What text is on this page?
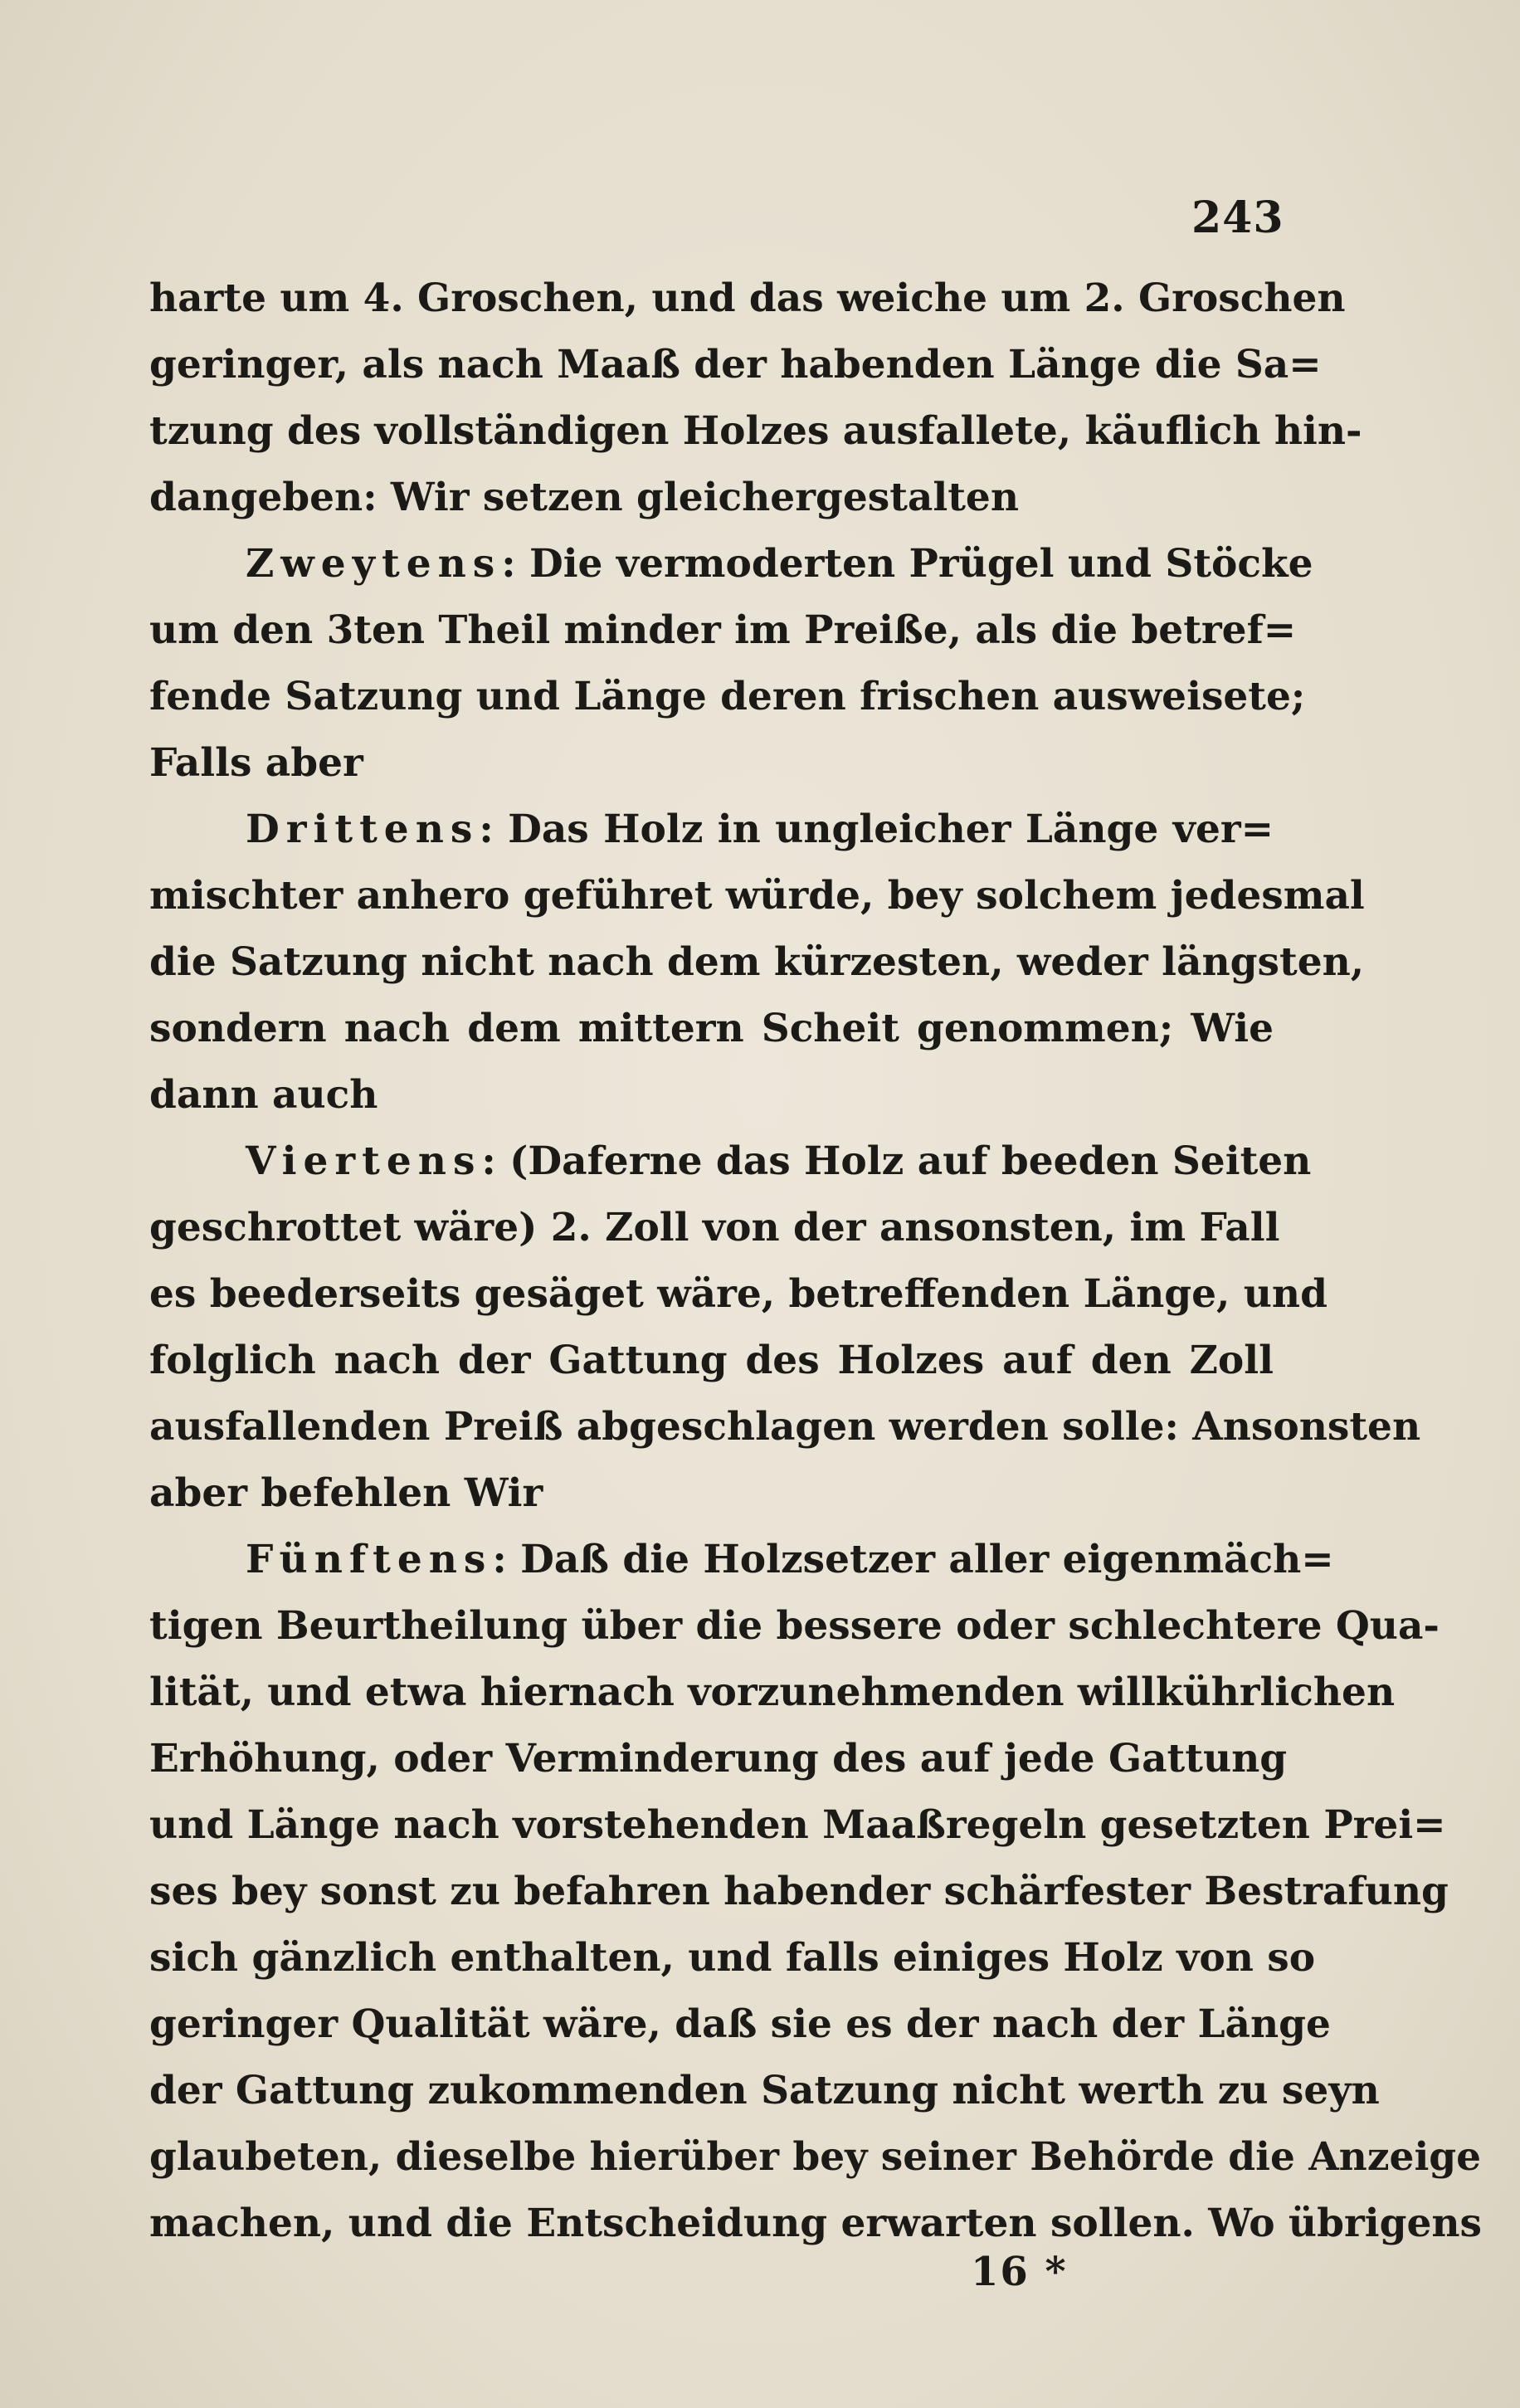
243
harte um 4. Groschen, und das weiche um 2. Groschen
geringer, als nach Maaß der habenden Länge die Sa=
tzung des vollständigen Holzes ausfallete, käuflich hin-
dangeben: Wir setzen gleichergestalten
Zweytens: Die vermoderten Prügel und Stöcke
um den 3ten Theil minder im Preiße, als die betref=
fende Satzung und Länge deren frischen ausweisete;
Falls aber
Drittens: Das Holz in ungleicher Länge ver=
mischter anhero geführet würde, bey solchem jedesmal
die Satzung nicht nach dem kürzesten, weder längsten,
sondern nach dem mittern Scheit genommen; Wie
dann auch
Viertens: (Daferne das Holz auf beeden Seiten
geschrottet wäre) 2. Zoll von der ansonsten, im Fall
es beederseits gesäget wäre, betreffenden Länge, und
folglich nach der Gattung des Holzes auf den Zoll
ausfallenden Preiß abgeschlagen werden solle: Ansonsten
aber befehlen Wir
Fünftens: Daß die Holzsetzer aller eigenmäch=
tigen Beurtheilung über die bessere oder schlechtere Qua-
lität, und etwa hiernach vorzunehmenden willkührlichen
Erhöhung, oder Verminderung des auf jede Gattung
und Länge nach vorstehenden Maaßregeln gesetzten Prei=
ses bey sonst zu befahren habender schärfester Bestrafung
sich gänzlich enthalten, und falls einiges Holz von so
geringer Qualität wäre, daß sie es der nach der Länge
der Gattung zukommenden Satzung nicht werth zu seyn
glaubeten, dieselbe hierüber bey seiner Behörde die Anzeige
machen, und die Entscheidung erwarten sollen. Wo übrigens
16 *
